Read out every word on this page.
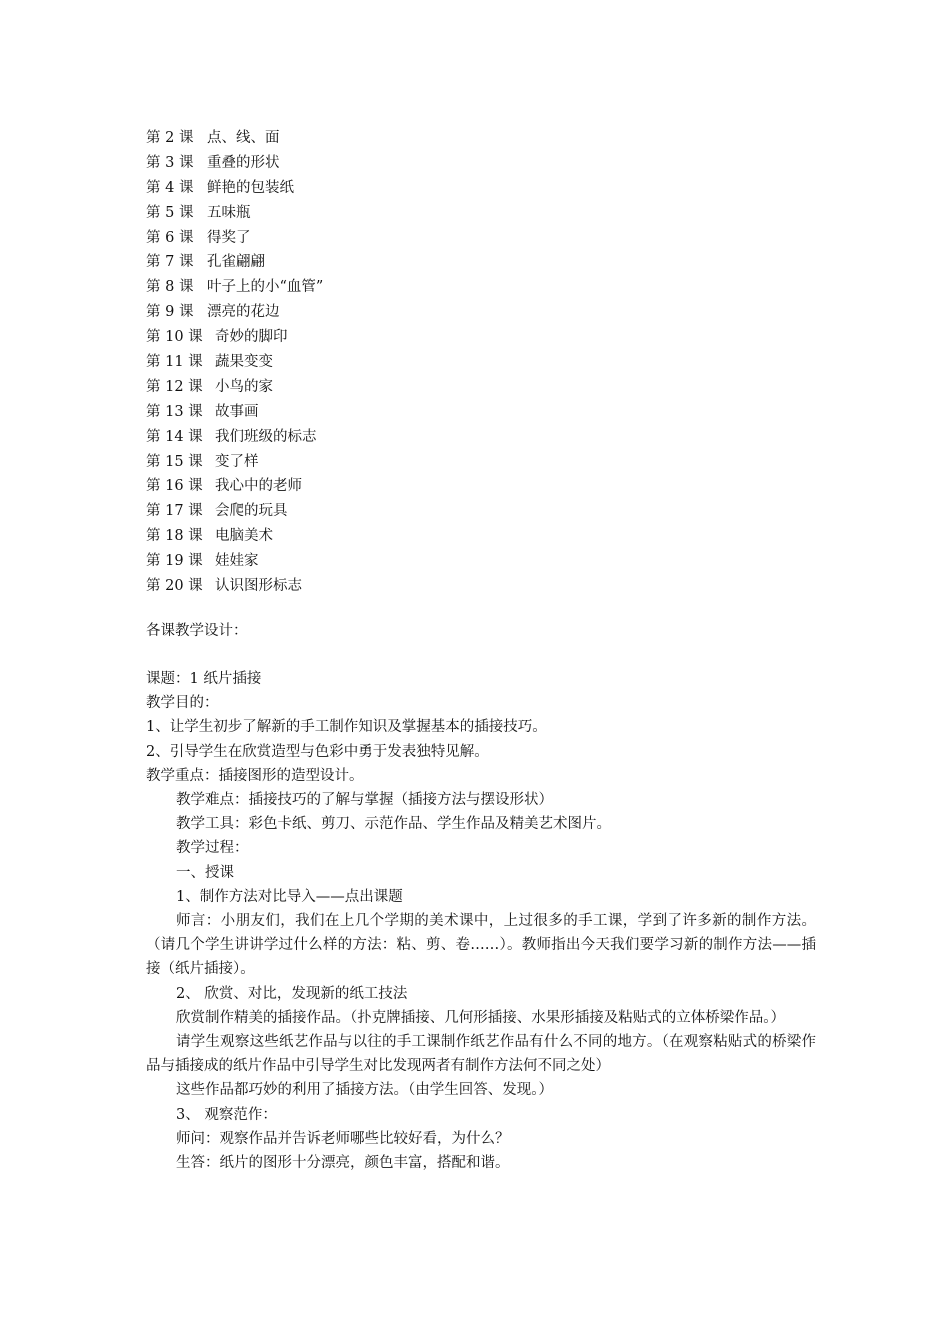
第 2 课 点、线、面
第 3 课 重叠的形状
第 4 课 鲜艳的包装纸
第 5 课 五味瓶
第 6 课 得奖了
第 7 课 孔雀翩翩
第 8 课 叶子上的小“血管”
第 9 课 漂亮的花边
第 10 课 奇妙的脚印
第 11 课 蔬果变变
第 12 课 小鸟的家
第 13 课 故事画
第 14 课 我们班级的标志
第 15 课 变了样
第 16 课 我心中的老师
第 17 课 会爬的玩具
第 18 课 电脑美术
第 19 课 娃娃家
第 20 课 认识图形标志
各课教学设计：
课题：1 纸片插接
教学目的：
1、让学生初步了解新的手工制作知识及掌握基本的插接技巧。
2、引导学生在欣赏造型与色彩中勇于发表独特见解。
教学重点：插接图形的造型设计。
教学难点：插接技巧的了解与掌握（插接方法与摆设形状）
教学工具：彩色卡纸、剪刀、示范作品、学生作品及精美艺术图片。
教学过程：
一、授课
1、制作方法对比导入——点出课题
师言：小朋友们，我们在上几个学期的美术课中，上过很多的手工课，学到了许多新的制作方法。（请几个学生讲讲学过什么样的方法：粘、剪、卷……）。教师指出今天我们要学习新的制作方法——插接（纸片插接）。
2、 欣赏、对比，发现新的纸工技法
欣赏制作精美的插接作品。（扑克牌插接、几何形插接、水果形插接及粘贴式的立体桥梁作品。）
请学生观察这些纸艺作品与以往的手工课制作纸艺作品有什么不同的地方。（在观察粘贴式的桥梁作品与插接成的纸片作品中引导学生对比发现两者有制作方法何不同之处）
这些作品都巧妙的利用了插接方法。（由学生回答、发现。）
3、 观察范作：
师问：观察作品并告诉老师哪些比较好看，为什么？
生答：纸片的图形十分漂亮，颜色丰富，搭配和谐。
